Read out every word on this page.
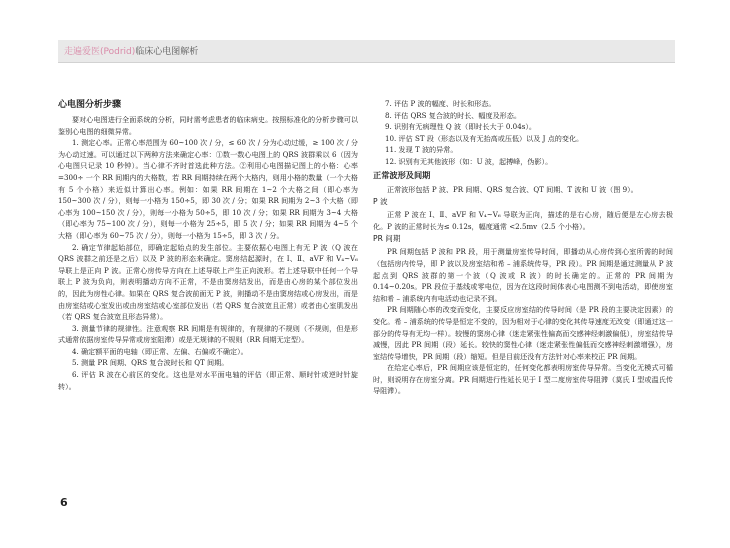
走遍爱医(Podrid)临床心电图解析
心电图分析步骤

要对心电图进行全面系统的分析，同时需考虑患者的临床病史。按照标准化的分析步骤可以鉴别心电图的细微异常。

1. 测定心率。正常心率范围为 60~100 次 / 分，≤ 60 次 / 分为心动过缓，≥ 100 次 / 分为心动过速。可以通过以下两种方法来确定心率：①数一数心电图上的 QRS 波群乘以 6（因为心电图只记录 10 秒钟）。当心律不齐时首选此种方法。②利用心电图描记图上的小格：心率 =300÷ 一个 RR 间期内的大格数，若 RR 间期持续在两个大格内，则用小格的数量（一个大格有 5 个小格）来近似计算出心率。例如：如果 RR 间期在 1~2 个大格之间（即心率为 150~300 次 / 分），则每一小格为 150÷5，即 30 次 / 分；如果 RR 间期为 2~3 个大格（即心率为 100~150 次 / 分），则每一小格为 50÷5，即 10 次 / 分；如果 RR 间期为 3~4 大格（即心率为 75~100 次 / 分），则每一小格为 25÷5，即 5 次 / 分；如果 RR 间期为 4~5 个大格（即心率为 60~75 次 / 分），则每一小格为 15÷5，即 3 次 / 分。

2. 确定节律起始部位，即确定起始点的发生部位。主要依据心电图上有无 P 波（Q 波在 QRS 波群之前还是之后）以及 P 波的形态来确定。窦房结起源时，在 Ⅰ、Ⅱ、aVF 和 V₄~V₆ 导联上是正向 P 波。正常心房传导方向在上述导联上产生正向波形。若上述导联中任何一个导联上 P 波为负向，则表明播动方向不正常，不是由窦房结发出，而是由心房的某个部位发出的，因此为房性心律。如果在 QRS 复合波前面无 P 波，则播动不是由窦房结或心房发出，而是由房室结或心室发出或由房室结或心室部位发出（若 QRS 复合波宽且正常）或者由心室肌发出（若 QRS 复合波宽且形态异常）。

3. 测量节律的规律性。注意观察 RR 间期是有规律的，有规律的不规则（不规则，但是形式通常依据房室传导异常或房室阻滞）或是无规律的不规则（RR 间期无定型）。

4. 确定额平面的电轴（即正常、左偏、右偏或不确定）。

5. 测量 PR 间期、QRS 复合波时长和 QT 间期。

6. 评估 R 波在心前区的变化。这也是对水平面电轴的评估（即正常、顺时针或逆时针旋转）。

7. 评估 P 波的幅度、时长和形态。

8. 评估 QRS 复合波的时长、幅度及形态。

9. 识别有无病理性 Q 波（即时长大于 0.04s）。

10. 评估 ST 段（形态以及有无抬高或压低）以及 J 点的变化。

11. 发现 T 波的异常。

12. 识别有无其他波形（如：U 波，起搏峰，伪影）。

正常波形及间期

正常波形包括 P 波、PR 间期、QRS 复合波、QT 间期、T 波和 U 波（图 9）。

P 波

正常 P 波在 Ⅰ、Ⅱ、aVF 和 V₄~V₆ 导联为正向，描述的是右心房，随后便是左心房去极化。P 波的正常时长为≤ 0.12s，幅度通常 <2.5mv（2.5 个小格）。

PR 间期

PR 间期包括 P 波和 PR 段，用于测量房室传导时间，即播动从心房传到心室所需的时间（包括房内传导，即 P 波以及房室结和希 – 浦系统传导，PR 段）。PR 间期是通过测量从 P 波起点到 QRS 波群的第一个波（Q 波或 R 波）的时长确定的。正常的 PR 间期为 0.14~0.20s。PR 段位于基线或零电位，因为在这段时间体表心电图测不到电活动，即使房室结和希 – 浦系统内有电活动也记录不到。

PR 间期随心率的改变而变化，主要反应房室结的传导时间（是 PR 段的主要决定因素）的变化。希 – 浦系统的传导是恒定不变的，因为相对于心律的变化其传导速度无改变（即通过这一部分的传导有无均一样）。较慢的窦房心律（迷走紧张性偏高而交感神经刺激偏低），房室结传导减慢，因此 PR 间期（段）延长。较快的窦性心律（迷走紧张性偏低而交感神经刺激增强），房室结传导增快，PR 间期（段）缩短。但是目前还没有方法针对心率来校正 PR 间期。

在给定心率后，PR 间期应该是恒定的，任何变化都表明房室传导异常。当变化无模式可循时，则说明存在房室分离。PR 间期进行性延长见于 Ⅰ 型二度房室传导阻滞（莫氏 Ⅰ 型或温氏传导阻滞）。

6
